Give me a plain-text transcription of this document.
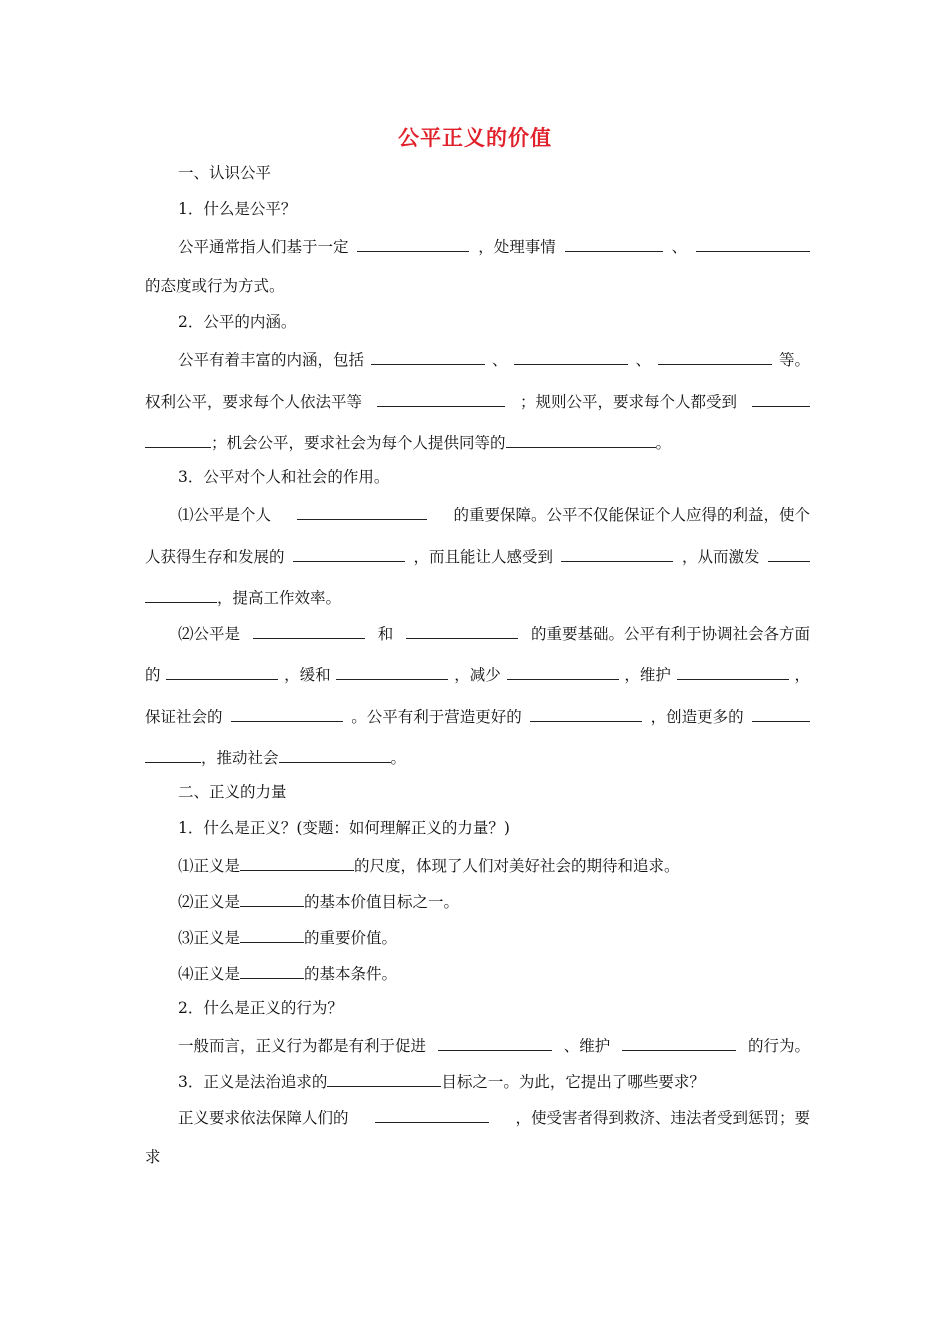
公平正义的价值
一、认识公平
1．什么是公平？
公平通常指人们基于一定	，处理事情	、
的态度或行为方式。
2．公平的内涵。
公平有着丰富的内涵，包括	、	、	等。
权利公平，要求每个人依法平等	；规则公平，要求每个人都受到
；机会公平，要求社会为每个人提供同等的	。
3．公平对个人和社会的作用。
⑴公平是个人	的重要保障。公平不仅能保证个人应得的利益，使个
人获得生存和发展的	，而且能让人感受到	，从而激发
，提高工作效率。
⑵公平是	和	的重要基础。公平有利于协调社会各方面
的	，缓和	，减少	，维护	，
保证社会的	。公平有利于营造更好的	，创造更多的
，推动社会	。
二、正义的力量
1．什么是正义？(变题：如何理解正义的力量？)
⑴正义是	的尺度，体现了人们对美好社会的期待和追求。
⑵正义是	的基本价值目标之一。
⑶正义是	的重要价值。
⑷正义是	的基本条件。
2．什么是正义的行为？
一般而言，正义行为都是有利于促进	、维护	的行为。
3．正义是法治追求的	目标之一。为此，它提出了哪些要求？
正义要求依法保障人们的	，使受害者得到救济、违法者受到惩罚；要
求
